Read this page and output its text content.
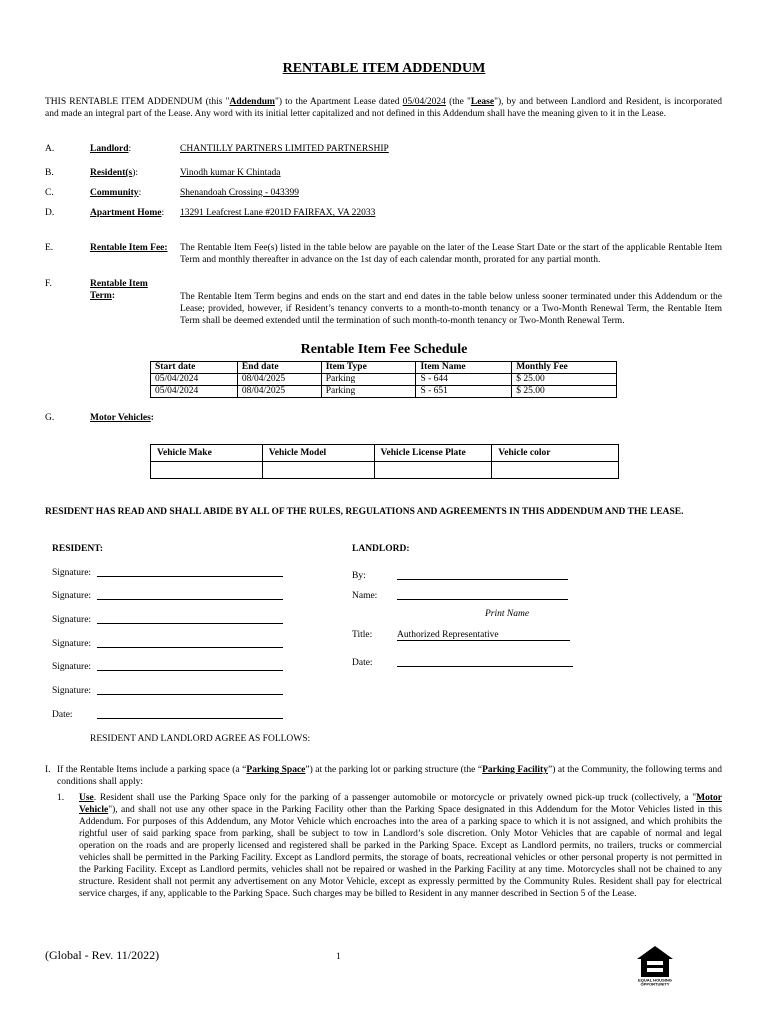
RENTABLE ITEM ADDENDUM
THIS RENTABLE ITEM ADDENDUM (this "Addendum") to the Apartment Lease dated 05/04/2024 (the "Lease"), by and between Landlord and Resident, is incorporated and made an integral part of the Lease. Any word with its initial letter capitalized and not defined in this Addendum shall have the meaning given to it in the Lease.
A.	Landlord:	CHANTILLY PARTNERS LIMITED PARTNERSHIP
B.	Resident(s):	Vinodh kumar K Chintada
C.	Community:	Shenandoah Crossing - 043399
D.	Apartment Home: 13291 Leafcrest Lane #201D FAIRFAX, VA 22033
E.	Rentable Item Fee: The Rentable Item Fee(s) listed in the table below are payable on the later of the Lease Start Date or the start of the applicable Rentable Item Term and monthly thereafter in advance on the 1st day of each calendar month, prorated for any partial month.
F.	Rentable Item
Term:	The Rentable Item Term begins and ends on the start and end dates in the table below unless sooner terminated under this Addendum or the Lease; provided, however, if Resident’s tenancy converts to a month-to-month tenancy or a Two-Month Renewal Term, the Rentable Item Term shall be deemed extended until the termination of such month-to-month tenancy or Two-Month Renewal Term.
Rentable Item Fee Schedule
Start date	End date	Item Type	Item Name	Monthly Fee
05/04/2024	08/04/2025	Parking	S - 644	$ 25.00
05/04/2024	08/04/2025	Parking	S - 651	$ 25.00
G.	Motor Vehicles:
Vehicle Make	Vehicle Model	Vehicle License Plate	Vehicle color

RESIDENT HAS READ AND SHALL ABIDE BY ALL OF THE RULES, REGULATIONS AND AGREEMENTS IN THIS ADDENDUM AND THE LEASE.
RESIDENT:
Signature:
Signature:
Signature:
Signature:
Signature:
Signature:
Date:
LANDLORD:
By:
Name:
Print Name
Title:	Authorized Representative
Date:
RESIDENT AND LANDLORD AGREE AS FOLLOWS:
I. If the Rentable Items include a parking space (a “Parking Space”) at the parking lot or parking structure (the “Parking Facility”) at the Community, the following terms and conditions shall apply:
1. Use. Resident shall use the Parking Space only for the parking of a passenger automobile or motorcycle or privately owned pick-up truck (collectively, a "Motor Vehicle"), and shall not use any other space in the Parking Facility other than the Parking Space designated in this Addendum for the Motor Vehicles listed in this Addendum. For purposes of this Addendum, any Motor Vehicle which encroaches into the area of a parking space to which it is not assigned, and which prohibits the rightful user of said parking space from parking, shall be subject to tow in Landlord’s sole discretion. Only Motor Vehicles that are capable of normal and legal operation on the roads and are properly licensed and registered shall be parked in the Parking Space. Except as Landlord permits, no trailers, trucks or commercial vehicles shall be permitted in the Parking Facility. Except as Landlord permits, the storage of boats, recreational vehicles or other personal property is not permitted in the Parking Facility. Except as Landlord permits, vehicles shall not be repaired or washed in the Parking Facility at any time. Motorcycles shall not be chained to any structure. Resident shall not permit any advertisement on any Motor Vehicle, except as expressly permitted by the Community Rules. Resident shall pay for electrical service charges, if any, applicable to the Parking Space. Such charges may be billed to Resident in any manner described in Section 5 of the Lease.
(Global - Rev. 11/2022)	1
EQUAL HOUSING
OPPORTUNITY
